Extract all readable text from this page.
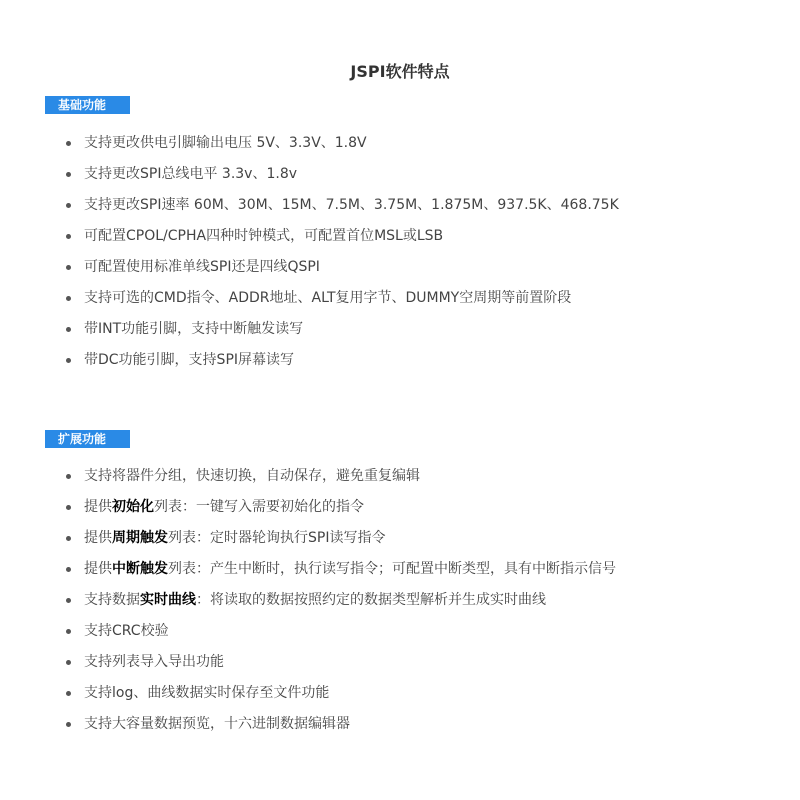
JSPI软件特点
基础功能
支持更改供电引脚输出电压 5V、3.3V、1.8V
支持更改SPI总线电平 3.3v、1.8v
支持更改SPI速率 60M、30M、15M、7.5M、3.75M、1.875M、937.5K、468.75K
可配置CPOL/CPHA四种时钟模式，可配置首位MSL或LSB
可配置使用标准单线SPI还是四线QSPI
支持可选的CMD指令、ADDR地址、ALT复用字节、DUMMY空周期等前置阶段
带INT功能引脚，支持中断触发读写
带DC功能引脚，支持SPI屏幕读写
扩展功能
支持将器件分组，快速切换，自动保存，避免重复编辑
提供初始化列表：一键写入需要初始化的指令
提供周期触发列表：定时器轮询执行SPI读写指令
提供中断触发列表：产生中断时，执行读写指令；可配置中断类型，具有中断指示信号
支持数据实时曲线：将读取的数据按照约定的数据类型解析并生成实时曲线
支持CRC校验
支持列表导入导出功能
支持log、曲线数据实时保存至文件功能
支持大容量数据预览，十六进制数据编辑器
